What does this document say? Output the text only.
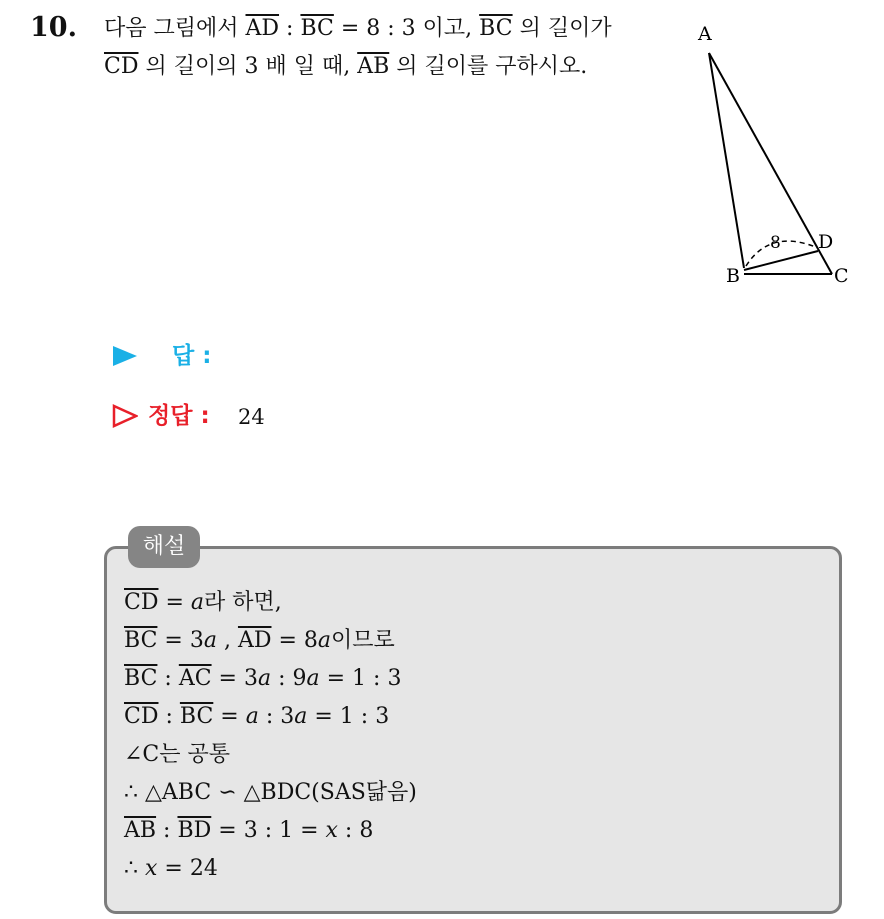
10. 다음 그림에서 $\overline{AD}$ : $\overline{BC} = 8$ : 3 이고, $\overline{BC}$ 의 길이가
$\overline{CD}$ 의 길이의 3 배 일 때, $\overline{AB}$ 의 길이를 구하시오.
A
B	C
D
8
답 :
정답 : 24
해설
$\overline{CD} = a$라 하면,
$\overline{BC} = 3a$ , $\overline{AD} = 8a$이므로
$\overline{BC}$ : $\overline{AC} = 3a$ : 9a = 1 : 3
$\overline{CD}$ : $\overline{BC} = a$ : 3a = 1 : 3
∠C는 공통
∴ △ABC ∽ △BDC(SAS닮음)
$\overline{AB}$ : $\overline{BD} = 3$ : 1 = x : 8
∴ x = 24
